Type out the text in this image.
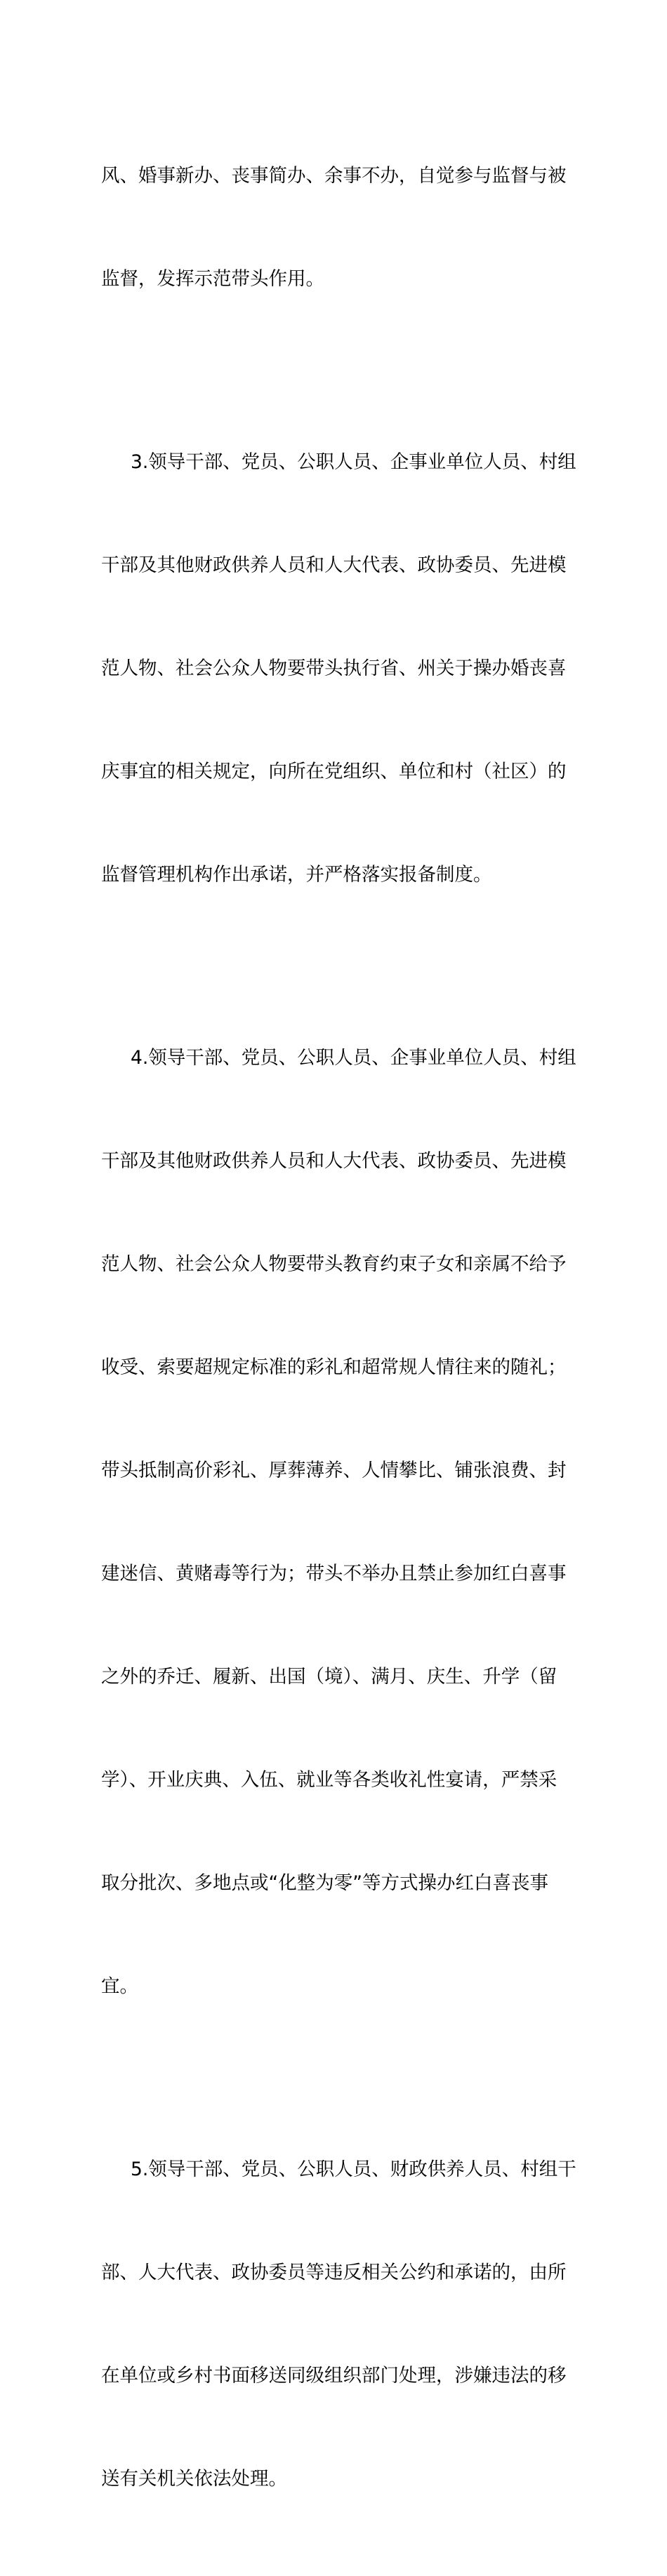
风、婚事新办、丧事简办、余事不办，自觉参与监督与被

监督，发挥示范带头作用。

3.领导干部、党员、公职人员、企事业单位人员、村组

干部及其他财政供养人员和人大代表、政协委员、先进模

范人物、社会公众人物要带头执行省、州关于操办婚丧喜

庆事宜的相关规定，向所在党组织、单位和村（社区）的

监督管理机构作出承诺，并严格落实报备制度。

4.领导干部、党员、公职人员、企事业单位人员、村组

干部及其他财政供养人员和人大代表、政协委员、先进模

范人物、社会公众人物要带头教育约束子女和亲属不给予

收受、索要超规定标准的彩礼和超常规人情往来的随礼；

带头抵制高价彩礼、厚葬薄养、人情攀比、铺张浪费、封

建迷信、黄赌毒等行为；带头不举办且禁止参加红白喜事

之外的乔迁、履新、出国（境）、满月、庆生、升学（留

学）、开业庆典、入伍、就业等各类收礼性宴请，严禁采

取分批次、多地点或“化整为零”等方式操办红白喜丧事

宜。

5.领导干部、党员、公职人员、财政供养人员、村组干

部、人大代表、政协委员等违反相关公约和承诺的，由所

在单位或乡村书面移送同级组织部门处理，涉嫌违法的移

送有关机关依法处理。
